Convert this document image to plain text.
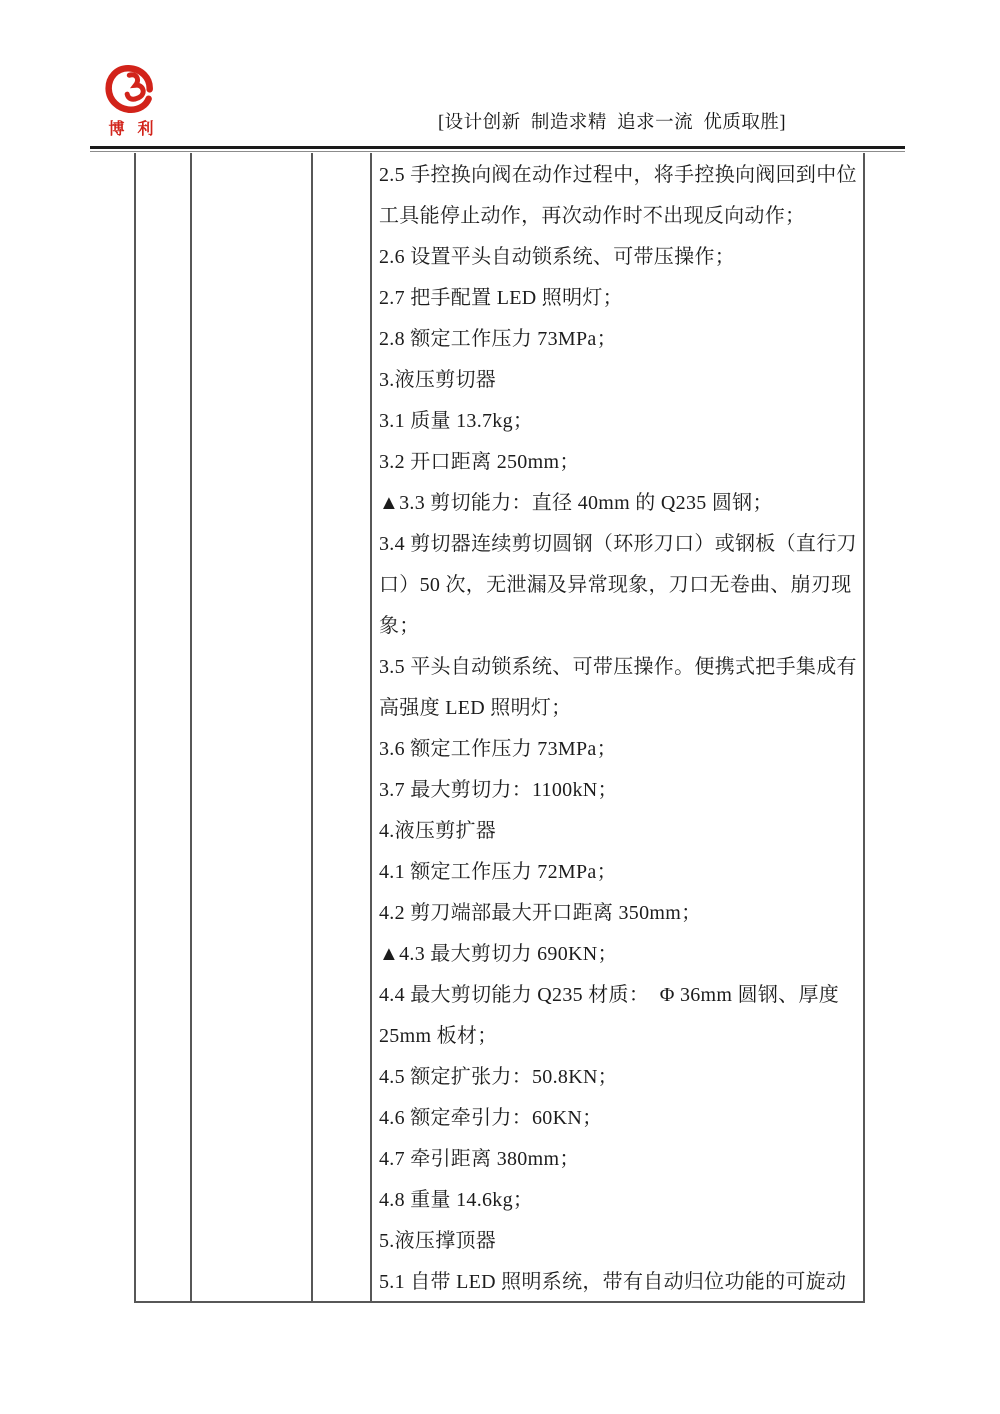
博 利	[设计创新  制造求精  追求一流  优质取胜]
2.5 手控换向阀在动作过程中，将手控换向阀回到中位
工具能停止动作，再次动作时不出现反向动作；
2.6 设置平头自动锁系统、可带压操作；
2.7 把手配置 LED 照明灯；
2.8 额定工作压力 73MPa；
3.液压剪切器
3.1 质量 13.7kg；
3.2 开口距离 250mm；
▲3.3 剪切能力：直径 40mm 的 Q235 圆钢；
3.4 剪切器连续剪切圆钢（环形刀口）或钢板（直行刀
口）50 次，无泄漏及异常现象，刀口无卷曲、崩刃现
象；
3.5 平头自动锁系统、可带压操作。便携式把手集成有
高强度 LED 照明灯；
3.6 额定工作压力 73MPa；
3.7 最大剪切力：1100kN；
4.液压剪扩器
4.1 额定工作压力 72MPa；
4.2 剪刀端部最大开口距离 350mm；
▲4.3 最大剪切力 690KN；
4.4 最大剪切能力 Q235 材质：  Φ 36mm 圆钢、厚度
25mm 板材；
4.5 额定扩张力：50.8KN；
4.6 额定牵引力：60KN；
4.7 牵引距离 380mm；
4.8 重量 14.6kg；
5.液压撑顶器
5.1 自带 LED 照明系统，带有自动归位功能的可旋动
